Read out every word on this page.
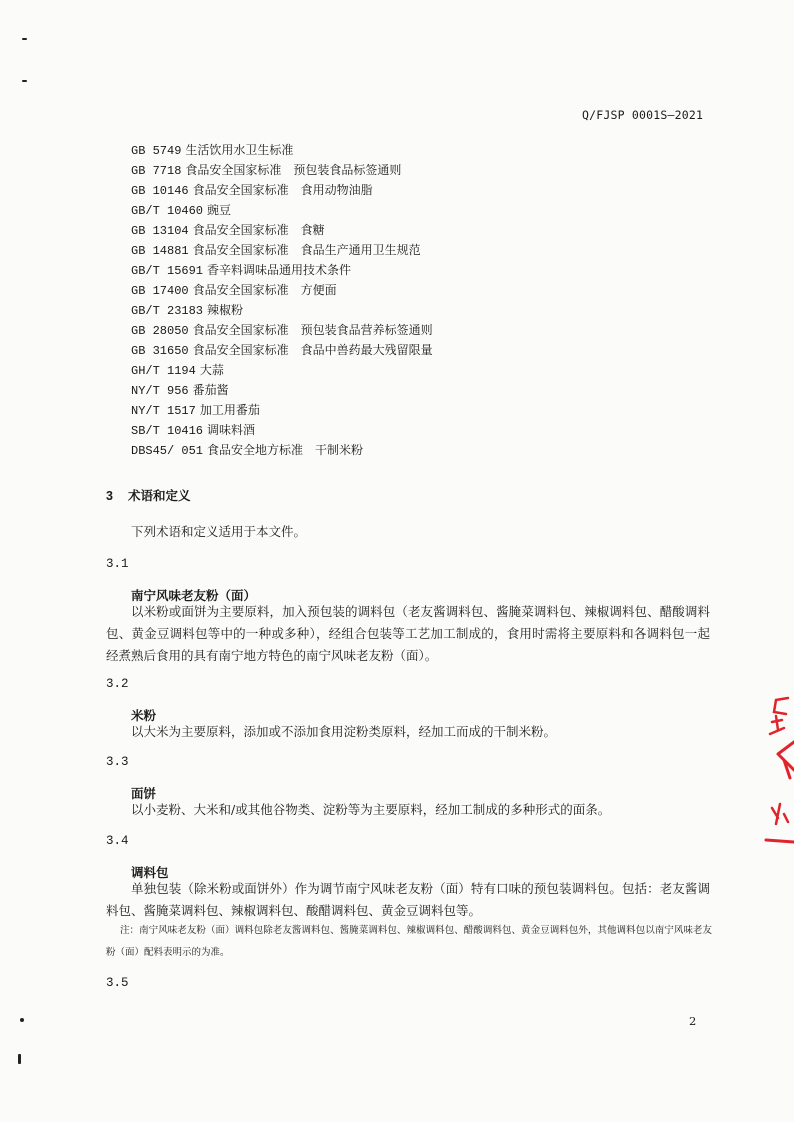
Q/FJSP 0001S—2021
GB 5749 生活饮用水卫生标准
GB 7718 食品安全国家标准　预包装食品标签通则
GB 10146 食品安全国家标准　食用动物油脂
GB/T 10460 豌豆
GB 13104 食品安全国家标准　食糖
GB 14881 食品安全国家标准　食品生产通用卫生规范
GB/T 15691 香辛料调味品通用技术条件
GB 17400 食品安全国家标准　方便面
GB/T 23183 辣椒粉
GB 28050 食品安全国家标准　预包装食品营养标签通则
GB 31650 食品安全国家标准　食品中兽药最大残留限量
GH/T 1194 大蒜
NY/T 956 番茄酱
NY/T 1517 加工用番茄
SB/T 10416 调味料酒
DBS45/ 051 食品安全地方标准　干制米粉
3 术语和定义
下列术语和定义适用于本文件。
3.1
南宁风味老友粉（面）

以米粉或面饼为主要原料，加入预包装的调料包（老友酱调料包、酱腌菜调料包、辣椒调料包、醋酸调料包、黄金豆调料包等中的一种或多种），经组合包装等工艺加工制成的，食用时需将主要原料和各调料包一起经煮熟后食用的具有南宁地方特色的南宁风味老友粉（面）。

3.2
米粉

以大米为主要原料，添加或不添加食用淀粉类原料，经加工而成的干制米粉。

3.3
面饼

以小麦粉、大米和/或其他谷物类、淀粉等为主要原料，经加工制成的多种形式的面条。

3.4
调料包

单独包装（除米粉或面饼外）作为调节南宁风味老友粉（面）特有口味的预包装调料包。包括：老友酱调料包、酱腌菜调料包、辣椒调料包、酸醋调料包、黄金豆调料包等。

注：南宁风味老友粉（面）调料包除老友酱调料包、酱腌菜调料包、辣椒调料包、醋酸调料包、黄金豆调料包外，其他调料包以南宁风味老友粉（面）配料表明示的为准。

3.5
2
